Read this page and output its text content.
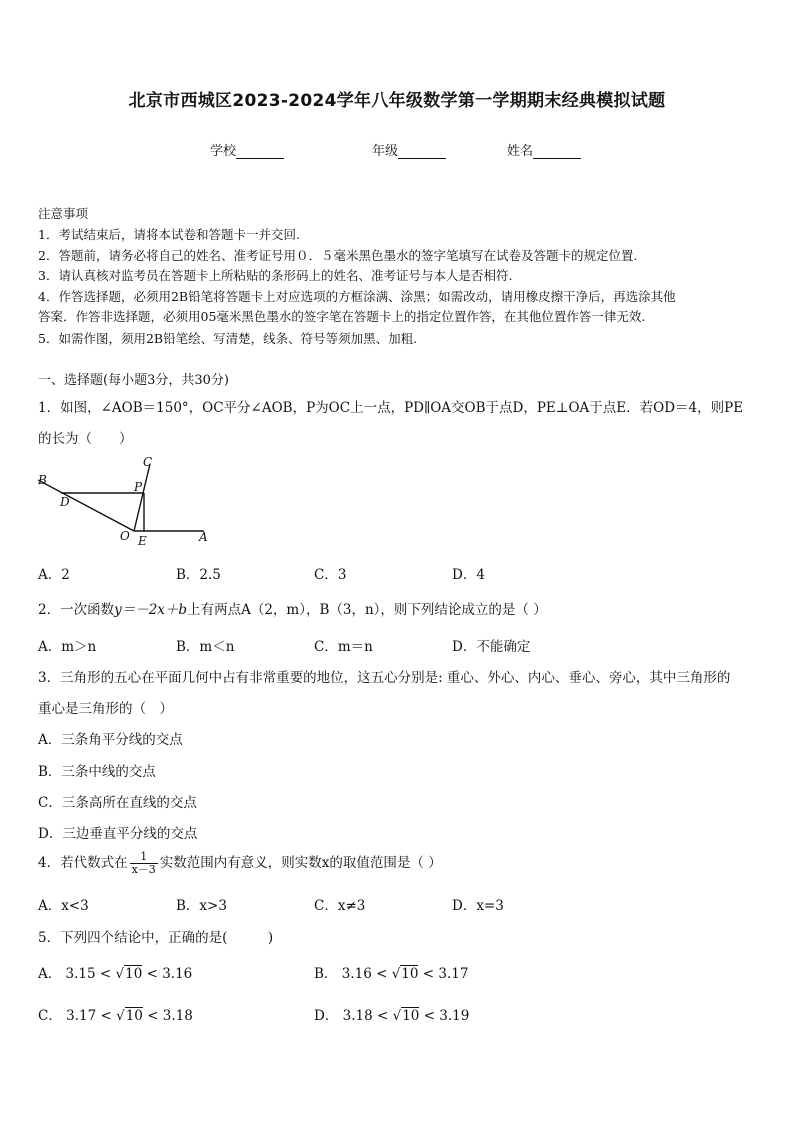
北京市西城区2023-2024学年八年级数学第一学期期末经典模拟试题
学校	年级	姓名
注意事项
1．考试结束后，请将本试卷和答题卡一并交回.
2．答题前，请务必将自己的姓名、准考证号用０．５毫米黑色墨水的签字笔填写在试卷及答题卡的规定位置.
3．请认真核对监考员在答题卡上所粘贴的条形码上的姓名、准考证号与本人是否相符.
4．作答选择题，必须用2B铅笔将答题卡上对应选项的方框涂满、涂黑；如需改动，请用橡皮擦干净后，再选涂其他
答案．作答非选择题，必须用05毫米黑色墨水的签字笔在答题卡上的指定位置作答，在其他位置作答一律无效.
5．如需作图，须用2B铅笔绘、写清楚，线条、符号等须加黑、加粗.
一、选择题(每小题3分，共30分)
1．如图，∠AOB＝150°，OC平分∠AOB，P为OC上一点，PD∥OA交OB于点D，PE⊥OA于点E．若OD＝4，则PE
的长为（　　）
B
C
P
D
O E	A
A．2	B．2.5	C．3	D．4
2．一次函数y＝－2x＋b上有两点A（2，m），B（3，n），则下列结论成立的是（ ）
A．m＞n	B．m＜n	C．m＝n	D．不能确定
3．三角形的五心在平面几何中占有非常重要的地位，这五心分别是: 重心、外心、内心、垂心、旁心，其中三角形的
重心是三角形的（　）
A．三条角平分线的交点
B．三条中线的交点
C．三条高所在直线的交点
D．三边垂直平分线的交点
4．若代数式在 $\frac{1}{x-3}$ 实数范围内有意义，则实数x的取值范围是（ ）
A．x<3	B．x>3	C．x≠3	D．x=3
5．下列四个结论中，正确的是(　　　)
A． 3.15 < √10 < 3.16	B． 3.16 < √10 < 3.17
C． 3.17 < √10 < 3.18	D． 3.18 < √10 < 3.19
